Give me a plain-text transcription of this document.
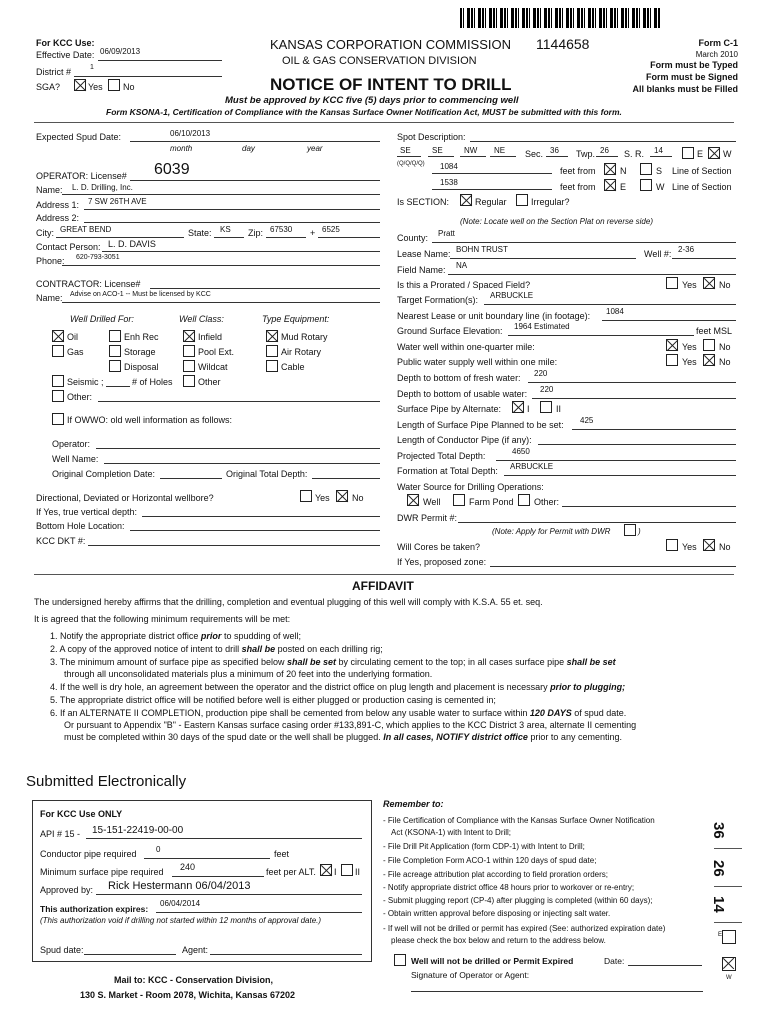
1144658
For KCC Use:
Effective Date: 06/09/2013
District #	1
SGA?	Yes No
KANSAS CORPORATION COMMISSION
OIL & GAS CONSERVATION DIVISION
NOTICE OF INTENT TO DRILL
Form C-1
March 2010
Form must be Typed
Form must be Signed
All blanks must be Filled
Must be approved by KCC five (5) days prior to commencing well
Form KSONA-1, Certification of Compliance with the Kansas Surface Owner Notification Act, MUST be submitted with this form.
Expected Spud Date:	06/10/2013
month	day	year
OPERATOR: License# 6039
Name: L. D. Drilling, Inc.
Address 1: 7 SW 26TH AVE
Address 2:
City: GREAT BEND	State: KS Zip: 67530 + 6525
Contact Person: L. D. DAVIS
Phone: 620-793-3051
CONTRACTOR: License#
Name: Advise on ACO-1 -- Must be licensed by KCC
Well Drilled For:	Well Class:	Type Equipment:
Oil	Enh Rec	Infield	Mud Rotary
Gas	Storage	Pool Ext.	Air Rotary
Disposal	Wildcat	Cable
Seismic ;	# of Holes	Other
Other:
If OWWO: old well information as follows:
Operator:
Well Name:
Original Completion Date:	Original Total Depth:
Directional, Deviated or Horizontal wellbore?	Yes No
If Yes, true vertical depth:
Bottom Hole Location:
KCC DKT #:
Spot Description:
SE	SE	NW NE Sec. 36 Twp. 26 S. R. 14	E W
(Q/Q/Q/Q) 1084	feet from	N	S Line of Section
1538	feet from	E	W Line of Section
Is SECTION:	Regular	Irregular?
(Note: Locate well on the Section Plat on reverse side)
County: Pratt
Lease Name: BOHN TRUST	Well #: 2-36
Field Name: NA
Is this a Prorated / Spaced Field?	Yes No
Target Formation(s): ARBUCKLE
Nearest Lease or unit boundary line (in footage): 1084
Ground Surface Elevation: 1964 Estimated	feet MSL
Water well within one-quarter mile:	Yes No
Public water supply well within one mile:	Yes No
Depth to bottom of fresh water: 220
Depth to bottom of usable water: 220
Surface Pipe by Alternate:	I	II
Length of Surface Pipe Planned to be set: 425
Length of Conductor Pipe (if any):
Projected Total Depth:	4650
Formation at Total Depth: ARBUCKLE
Water Source for Drilling Operations:
Well	Farm Pond Other:
DWR Permit #:
(Note: Apply for Permit with DWR	)
Will Cores be taken?	Yes No
If Yes, proposed zone:
AFFIDAVIT
The undersigned hereby affirms that the drilling, completion and eventual plugging of this well will comply with K.S.A. 55 et. seq.
It is agreed that the following minimum requirements will be met:
1. Notify the appropriate district office prior to spudding of well;
2. A copy of the approved notice of intent to drill shall be posted on each drilling rig;
3. The minimum amount of surface pipe as specified below shall be set by circulating cement to the top; in all cases surface pipe shall be set
through all unconsolidated materials plus a minimum of 20 feet into the underlying formation.
4. If the well is dry hole, an agreement between the operator and the district office on plug length and placement is necessary prior to plugging;
5. The appropriate district office will be notified before well is either plugged or production casing is cemented in;
6. If an ALTERNATE II COMPLETION, production pipe shall be cemented from below any usable water to surface within 120 DAYS of spud date.
Or pursuant to Appendix "B" - Eastern Kansas surface casing order #133,891-C, which applies to the KCC District 3 area, alternate II cementing
must be completed within 30 days of the spud date or the well shall be plugged. In all cases, NOTIFY district office prior to any cementing.
Submitted Electronically
For KCC Use ONLY
API # 15 - 15-151-22419-00-00
Conductor pipe required 0	feet
Minimum surface pipe required 240	feet per ALT. I II
Approved by: Rick Hestermann 06/04/2013
This authorization expires:
06/04/2014
(This authorization void if drilling not started within 12 months of approval date.)
Spud date:	Agent:
Mail to: KCC - Conservation Division,
130 S. Market - Room 2078, Wichita, Kansas 67202
Remember to:
- File Certification of Compliance with the Kansas Surface Owner Notification
Act (KSONA-1) with Intent to Drill;
- File Drill Pit Application (form CDP-1) with Intent to Drill;
- File Completion Form ACO-1 within 120 days of spud date;
- File acreage attribution plat according to field proration orders;
- Notify appropriate district office 48 hours prior to workover or re-entry;
- Submit plugging report (CP-4) after plugging is completed (within 60 days);
- Obtain written approval before disposing or injecting salt water.
- If well will not be drilled or permit has expired (See: authorized expiration date)
please check the box below and return to the address below.
Well will not be drilled or Permit Expired	Date:
Signature of Operator or Agent:
36
26
14
E
W
